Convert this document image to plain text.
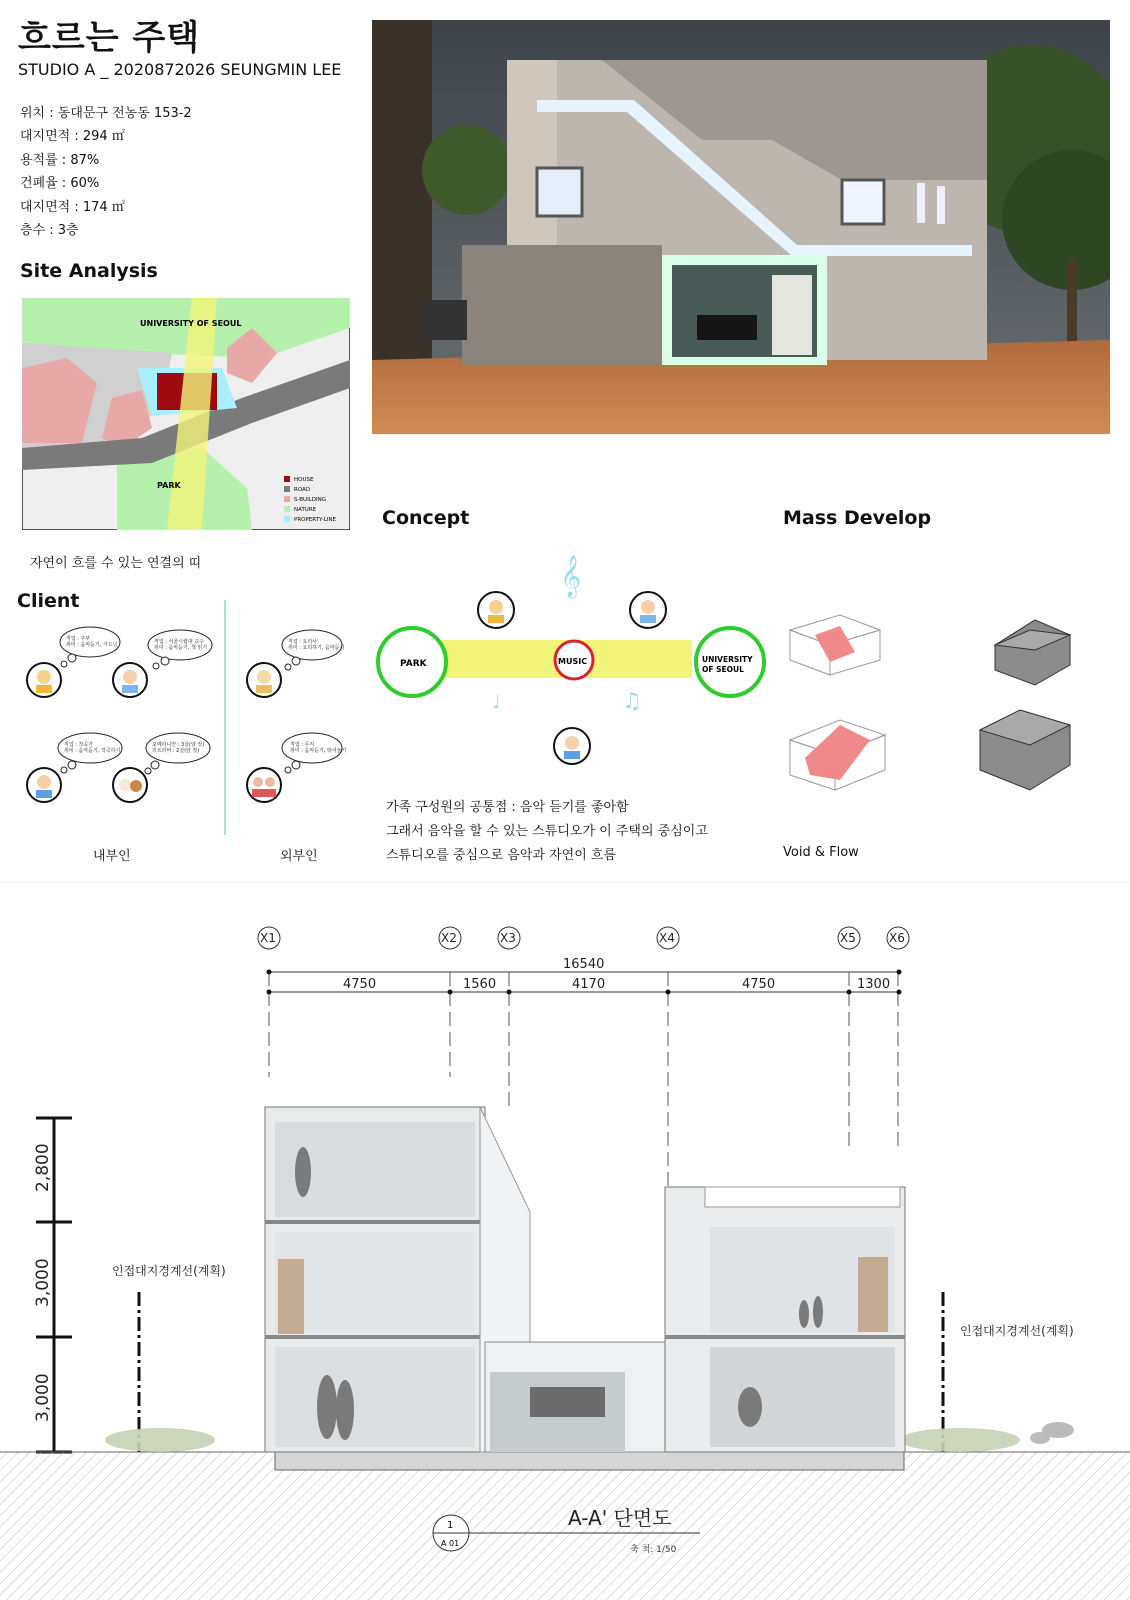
흐르는 주택
STUDIO A _ 2020872026 SEUNGMIN LEE
위치 : 동대문구 전농동 153-2
대지면적 : 294 ㎡
용적률 : 87%
건폐율 : 60%
대지면적 : 174 ㎡
층수 : 3층
Site Analysis
UNIVERSITY OF SEOUL
PARK
HOUSE
ROAD
S-BUILDING
NATURE
PROPERTY-LINE
자연이 흐를 수 있는 연결의 띠
Client
직업 : 주부 취미 : 음악듣기, 가드닝	직업 : 서울시립대 교수 취미 : 음악듣기, 책 읽기
직업 : 작곡가 취미 : 음악듣기, 작곡하기
포메라니안 : 3살(암 컷) 리트리버 : 2살(암 컷)
직업 : 요리사 취미 : 요리하기, 음악듣기
직업 : 무직 취미 : 음악듣기, 뛰어놀기
내부인	외부인
Concept
PARK	MUSIC	UNIVERSITY OF SEOUL
𝄞
♩	♫
가족 구성원의 공통점 : 음악 듣기를 좋아함
그래서 음악을 할 수 있는 스튜디오가 이 주택의 중심이고
스튜디오를 중심으로 음악과 자연이 흐름
Mass Develop
Void & Flow
X1	X2	X3	X4	X5	X6
16540
4750	1560	4170	4750	1300
2,800
3,000
3,000
인접대지경계선(계획)
인접대지경계선(계획)
1
A 01
A-A' 단면도
축 척: 1/50
